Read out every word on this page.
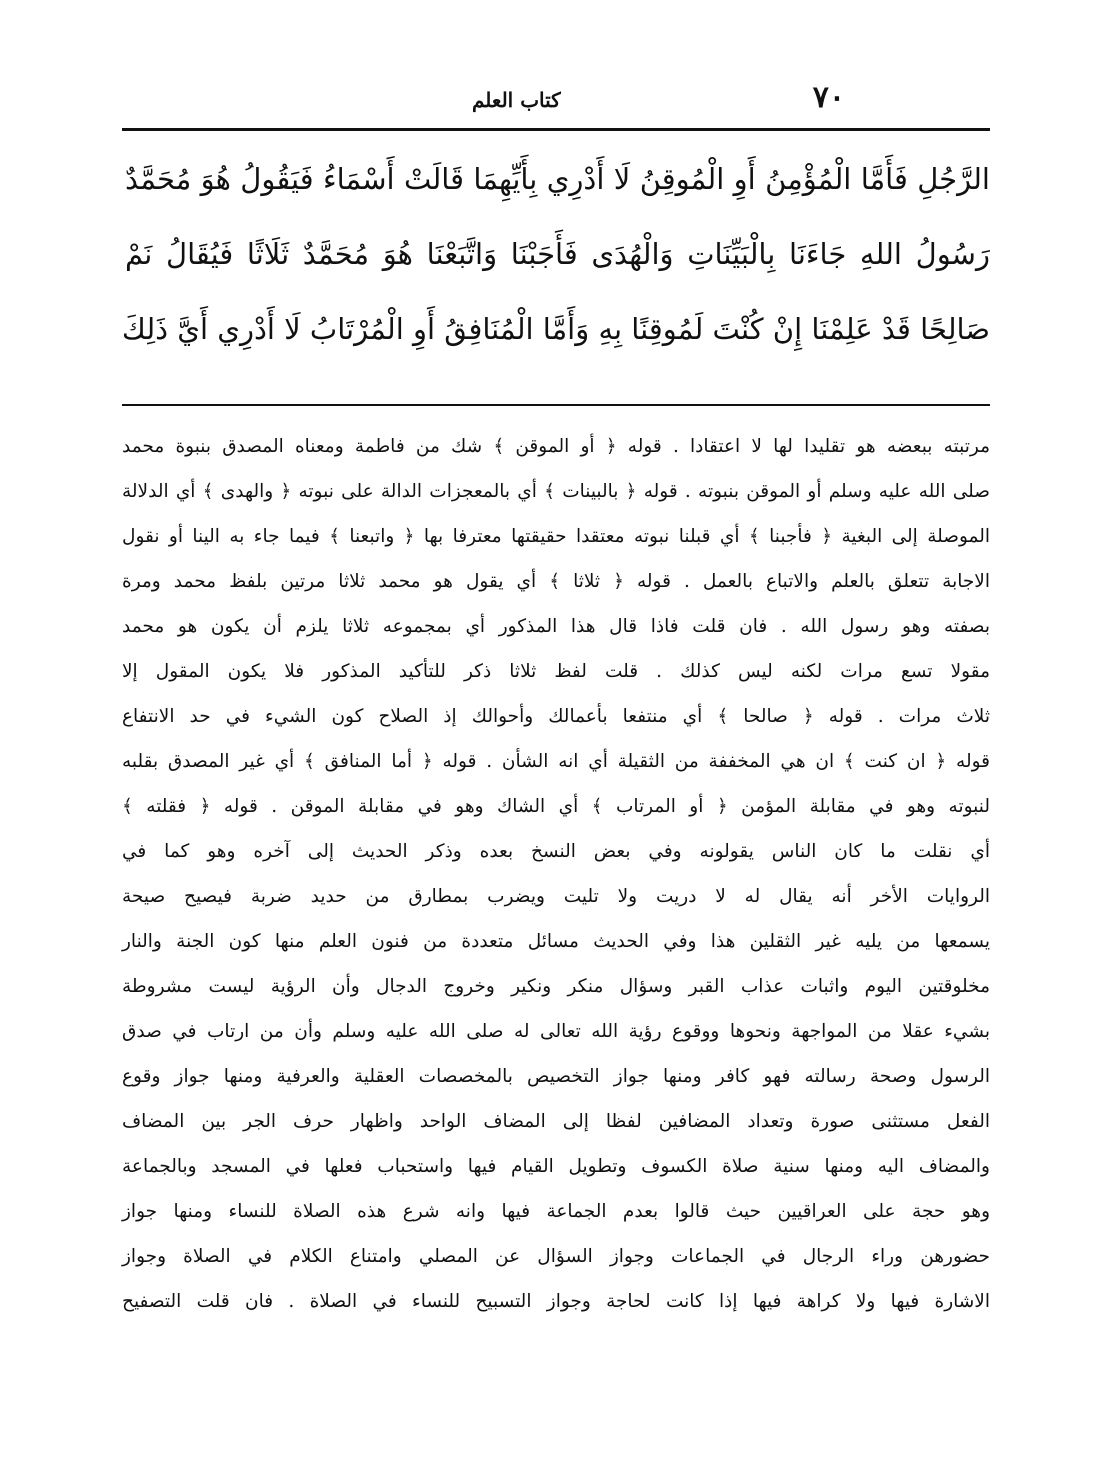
٧٠
كتاب العلم
الرَّجُلِ فَأَمَّا الْمُؤْمِنُ أَوِ الْمُوقِنُ لَا أَدْرِي بِأَيِّهِمَا قَالَتْ أَسْمَاءُ فَيَقُولُ هُوَ مُحَمَّدٌ
رَسُولُ اللهِ جَاءَنَا بِالْبَيِّنَاتِ وَالْهُدَى فَأَجَبْنَا وَاتَّبَعْنَا هُوَ مُحَمَّدٌ ثَلَاثًا فَيُقَالُ نَمْ
صَالِحًا قَدْ عَلِمْنَا إِنْ كُنْتَ لَمُوقِنًا بِهِ وَأَمَّا الْمُنَافِقُ أَوِ الْمُرْتَابُ لَا أَدْرِي أَيَّ ذَلِكَ
مرتبته ببعضه هو تقليدا لها لا اعتقادا . قوله ﴿ أو الموقن ﴾ شك من فاطمة ومعناه المصدق بنبوة محمد
صلى الله عليه وسلم أو الموقن بنبوته . قوله ﴿ بالبينات ﴾ أي بالمعجزات الدالة على نبوته ﴿ والهدى ﴾ أي الدلالة
الموصلة إلى البغية ﴿ فأجبنا ﴾ أي قبلنا نبوته معتقدا حقيقتها معترفا بها ﴿ واتبعنا ﴾ فيما جاء به الينا أو نقول
الاجابة تتعلق بالعلم والاتباع بالعمل . قوله ﴿ ثلاثا ﴾ أي يقول هو محمد ثلاثا مرتين بلفظ محمد ومرة
بصفته وهو رسول الله . فان قلت فاذا قال هذا المذكور أي بمجموعه ثلاثا يلزم أن يكون هو محمد
مقولا تسع مرات لكنه ليس كذلك . قلت لفظ ثلاثا ذكر للتأكيد المذكور فلا يكون المقول إلا
ثلاث مرات . قوله ﴿ صالحا ﴾ أي منتفعا بأعمالك وأحوالك إذ الصلاح كون الشيء في حد الانتفاع
قوله ﴿ ان كنت ﴾ ان هي المخففة من الثقيلة أي انه الشأن . قوله ﴿ أما المنافق ﴾ أي غير المصدق بقلبه
لنبوته وهو في مقابلة المؤمن ﴿ أو المرتاب ﴾ أي الشاك وهو في مقابلة الموقن . قوله ﴿ فقلته ﴾
أي نقلت ما كان الناس يقولونه وفي بعض النسخ بعده وذكر الحديث إلى آخره وهو كما في
الروايات الأخر أنه يقال له لا دريت ولا تليت ويضرب بمطارق من حديد ضربة فيصيح صيحة
يسمعها من يليه غير الثقلين هذا وفي الحديث مسائل متعددة من فنون العلم منها كون الجنة والنار
مخلوقتين اليوم واثبات عذاب القبر وسؤال منكر ونكير وخروج الدجال وأن الرؤية ليست مشروطة
بشيء عقلا من المواجهة ونحوها ووقوع رؤية الله تعالى له صلى الله عليه وسلم وأن من ارتاب في صدق
الرسول وصحة رسالته فهو كافر ومنها جواز التخصيص بالمخصصات العقلية والعرفية ومنها جواز وقوع
الفعل مستثنى صورة وتعداد المضافين لفظا إلى المضاف الواحد واظهار حرف الجر بين المضاف
والمضاف اليه ومنها سنية صلاة الكسوف وتطويل القيام فيها واستحباب فعلها في المسجد وبالجماعة
وهو حجة على العراقيين حيث قالوا بعدم الجماعة فيها وانه شرع هذه الصلاة للنساء ومنها جواز
حضورهن وراء الرجال في الجماعات وجواز السؤال عن المصلي وامتناع الكلام في الصلاة وجواز
الاشارة فيها ولا كراهة فيها إذا كانت لحاجة وجواز التسبيح للنساء في الصلاة . فان قلت التصفيح
